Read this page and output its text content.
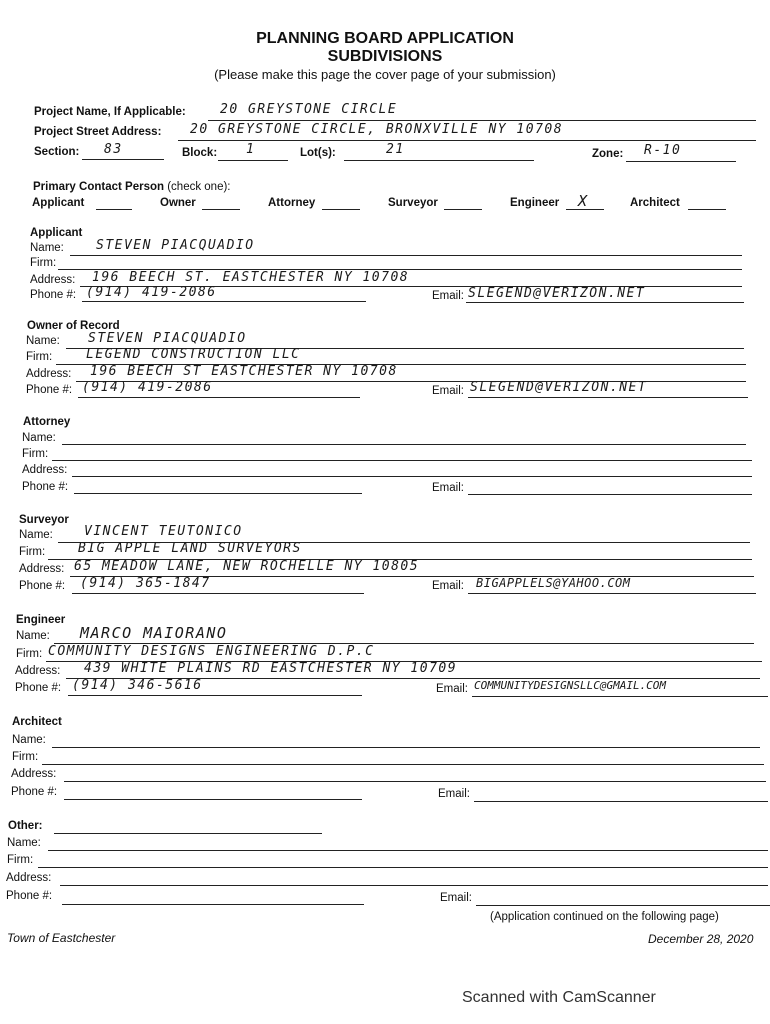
PLANNING BOARD APPLICATION
SUBDIVISIONS
(Please make this page the cover page of your submission)
Project Name, If Applicable:	20 GREYSTONE CIRCLE
Project Street Address: 20 GREYSTONE CIRCLE, BRONXVILLE NY 10708
Section: 83	Block: 1	Lot(s):	21	Zone: R-10
Primary Contact Person (check one):
Applicant	Owner	Attorney	Surveyor	Engineer X	Architect
Applicant
Name: STEVEN PIACQUADIO
Firm:
Address: 196 BEECH ST. EASTCHESTER NY 10708
Phone #: (914) 419-2086	Email: SLEGEND@VERIZON.NET
Owner of Record
Name: STEVEN PIACQUADIO
Firm:	LEGEND CONSTRUCTION LLC
Address: 196 BEECH ST EASTCHESTER NY 10708
Phone #: (914) 419-2086	Email: SLEGEND@VERIZON.NET
Attorney
Name:
Firm:
Address:
Phone #:	Email:
Surveyor
Name: VINCENT TEUTONICO
Firm:	BIG APPLE LAND SURVEYORS
Address: 65 MEADOW LANE, NEW ROCHELLE NY 10805
Phone #: (914) 365-1847	Email: BIGAPPLELS@YAHOO.COM
Engineer
Name: MARCO MAIORANO
Firm: COMMUNITY DESIGNS ENGINEERING D.P.C
Address: 439 WHITE PLAINS RD EASTCHESTER NY 10709
Phone #: (914) 346-5616	Email: COMMUNITYDESIGNSLLC@GMAIL.COM
Architect
Name:
Firm:
Address:
Phone #:	Email:
Other:
Name:
Firm:
Address:
Phone #:	Email:
(Application continued on the following page)
Town of Eastchester	December 28, 2020
Scanned with CamScanner
